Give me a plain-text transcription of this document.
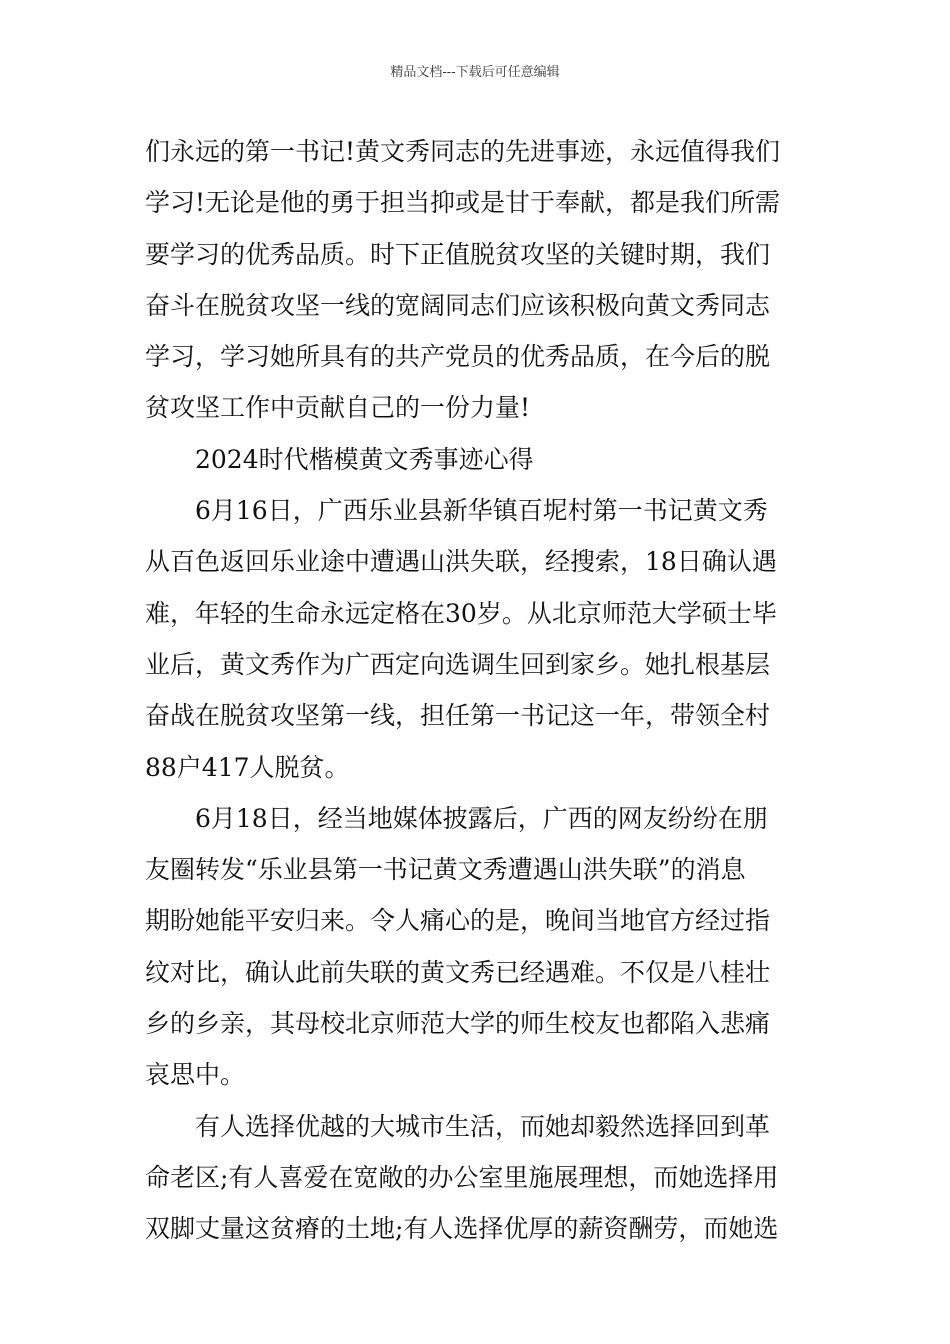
精品文档---下载后可任意编辑
们永远的第一书记!黄文秀同志的先进事迹，永远值得我们
学习!无论是他的勇于担当抑或是甘于奉献，都是我们所需
要学习的优秀品质。时下正值脱贫攻坚的关键时期，我们
奋斗在脱贫攻坚一线的宽阔同志们应该积极向黄文秀同志
学习，学习她所具有的共产党员的优秀品质，在今后的脱
贫攻坚工作中贡献自己的一份力量!
2024时代楷模黄文秀事迹心得
6月16日，广西乐业县新华镇百坭村第一书记黄文秀
从百色返回乐业途中遭遇山洪失联，经搜索，18日确认遇
难，年轻的生命永远定格在30岁。从北京师范大学硕士毕
业后，黄文秀作为广西定向选调生回到家乡。她扎根基层
奋战在脱贫攻坚第一线，担任第一书记这一年，带领全村
88户417人脱贫。
6月18日，经当地媒体披露后，广西的网友纷纷在朋
友圈转发“乐业县第一书记黄文秀遭遇山洪失联”的消息
期盼她能平安归来。令人痛心的是，晚间当地官方经过指
纹对比，确认此前失联的黄文秀已经遇难。不仅是八桂壮
乡的乡亲，其母校北京师范大学的师生校友也都陷入悲痛
哀思中。
有人选择优越的大城市生活，而她却毅然选择回到革
命老区;有人喜爱在宽敞的办公室里施展理想，而她选择用
双脚丈量这贫瘠的土地;有人选择优厚的薪资酬劳，而她选
